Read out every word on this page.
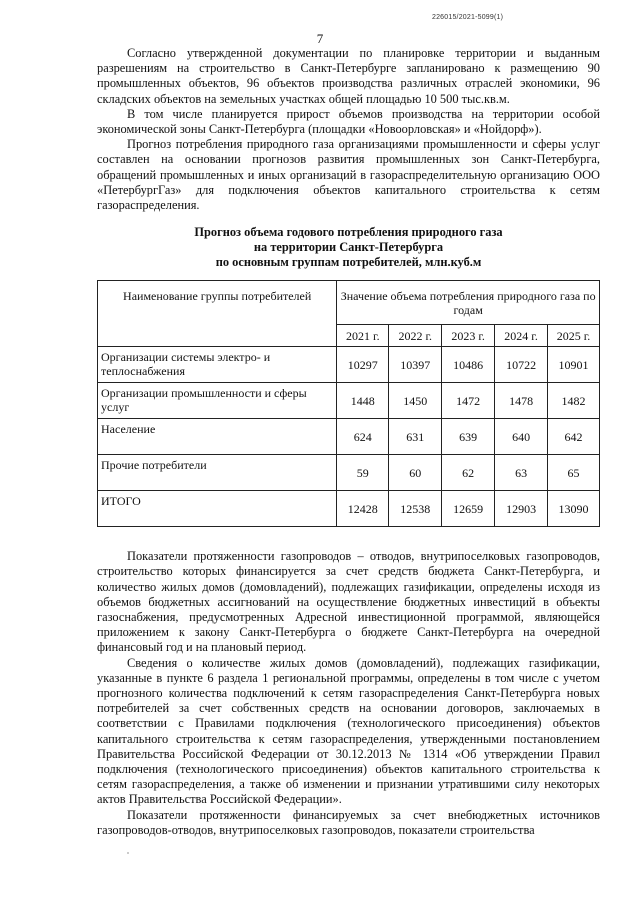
226015/2021-5099(1)
7

Согласно утвержденной документации по планировке территории и выданным разрешениям на строительство в Санкт-Петербурге запланировано к размещению 90 промышленных объектов, 96 объектов производства различных отраслей экономики, 96 складских объектов на земельных участках общей площадью 10 500 тыс.кв.м.

В том числе планируется прирост объемов производства на территории особой экономической зоны Санкт-Петербурга (площадки «Новоорловская» и «Нойдорф»).

Прогноз потребления природного газа организациями промышленности и сферы услуг составлен на основании прогнозов развития промышленных зон Санкт-Петербурга, обращений промышленных и иных организаций в газораспределительную организацию ООО «ПетербургГаз» для подключения объектов капитального строительства к сетям газораспределения.

Прогноз объема годового потребления природного газа

на территории Санкт-Петербурга

по основным группам потребителей, млн.куб.м

Наименование группы потребителей	Значение объема потребления природного газа по годам				
	2021 г.	2022 г.	2023 г.	2024 г.	2025 г.
Организации системы электро- и теплоснабжения	10297	10397	10486	10722	10901
Организации промышленности и сферы услуг	1448	1450	1472	1478	1482
Население	624	631	639	640	642
Прочие потребители	59	60	62	63	65
ИТОГО	12428	12538	12659	12903	13090

Показатели протяженности газопроводов – отводов, внутрипоселковых газопроводов, строительство которых финансируется за счет средств бюджета Санкт-Петербурга, и количество жилых домов (домовладений), подлежащих газификации, определены исходя из объемов бюджетных ассигнований на осуществление бюджетных инвестиций в объекты газоснабжения, предусмотренных Адресной инвестиционной программой, являющейся приложением к закону Санкт-Петербурга о бюджете Санкт-Петербурга на очередной финансовый год и на плановый период.

Сведения о количестве жилых домов (домовладений), подлежащих газификации, указанные в пункте 6 раздела 1 региональной программы, определены в том числе с учетом прогнозного количества подключений к сетям газораспределения Санкт-Петербурга новых потребителей за счет собственных средств на основании договоров, заключаемых в соответствии с Правилами подключения (технологического присоединения) объектов капитального строительства к сетям газораспределения, утвержденными постановлением Правительства Российской Федерации от 30.12.2013 № 1314 «Об утверждении Правил подключения (технологического присоединения) объектов капитального строительства к сетям газораспределения, а также об изменении и признании утратившими силу некоторых актов Правительства Российской Федерации».

Показатели протяженности финансируемых за счет внебюджетных источников газопроводов-отводов, внутрипоселковых газопроводов, показатели строительства
